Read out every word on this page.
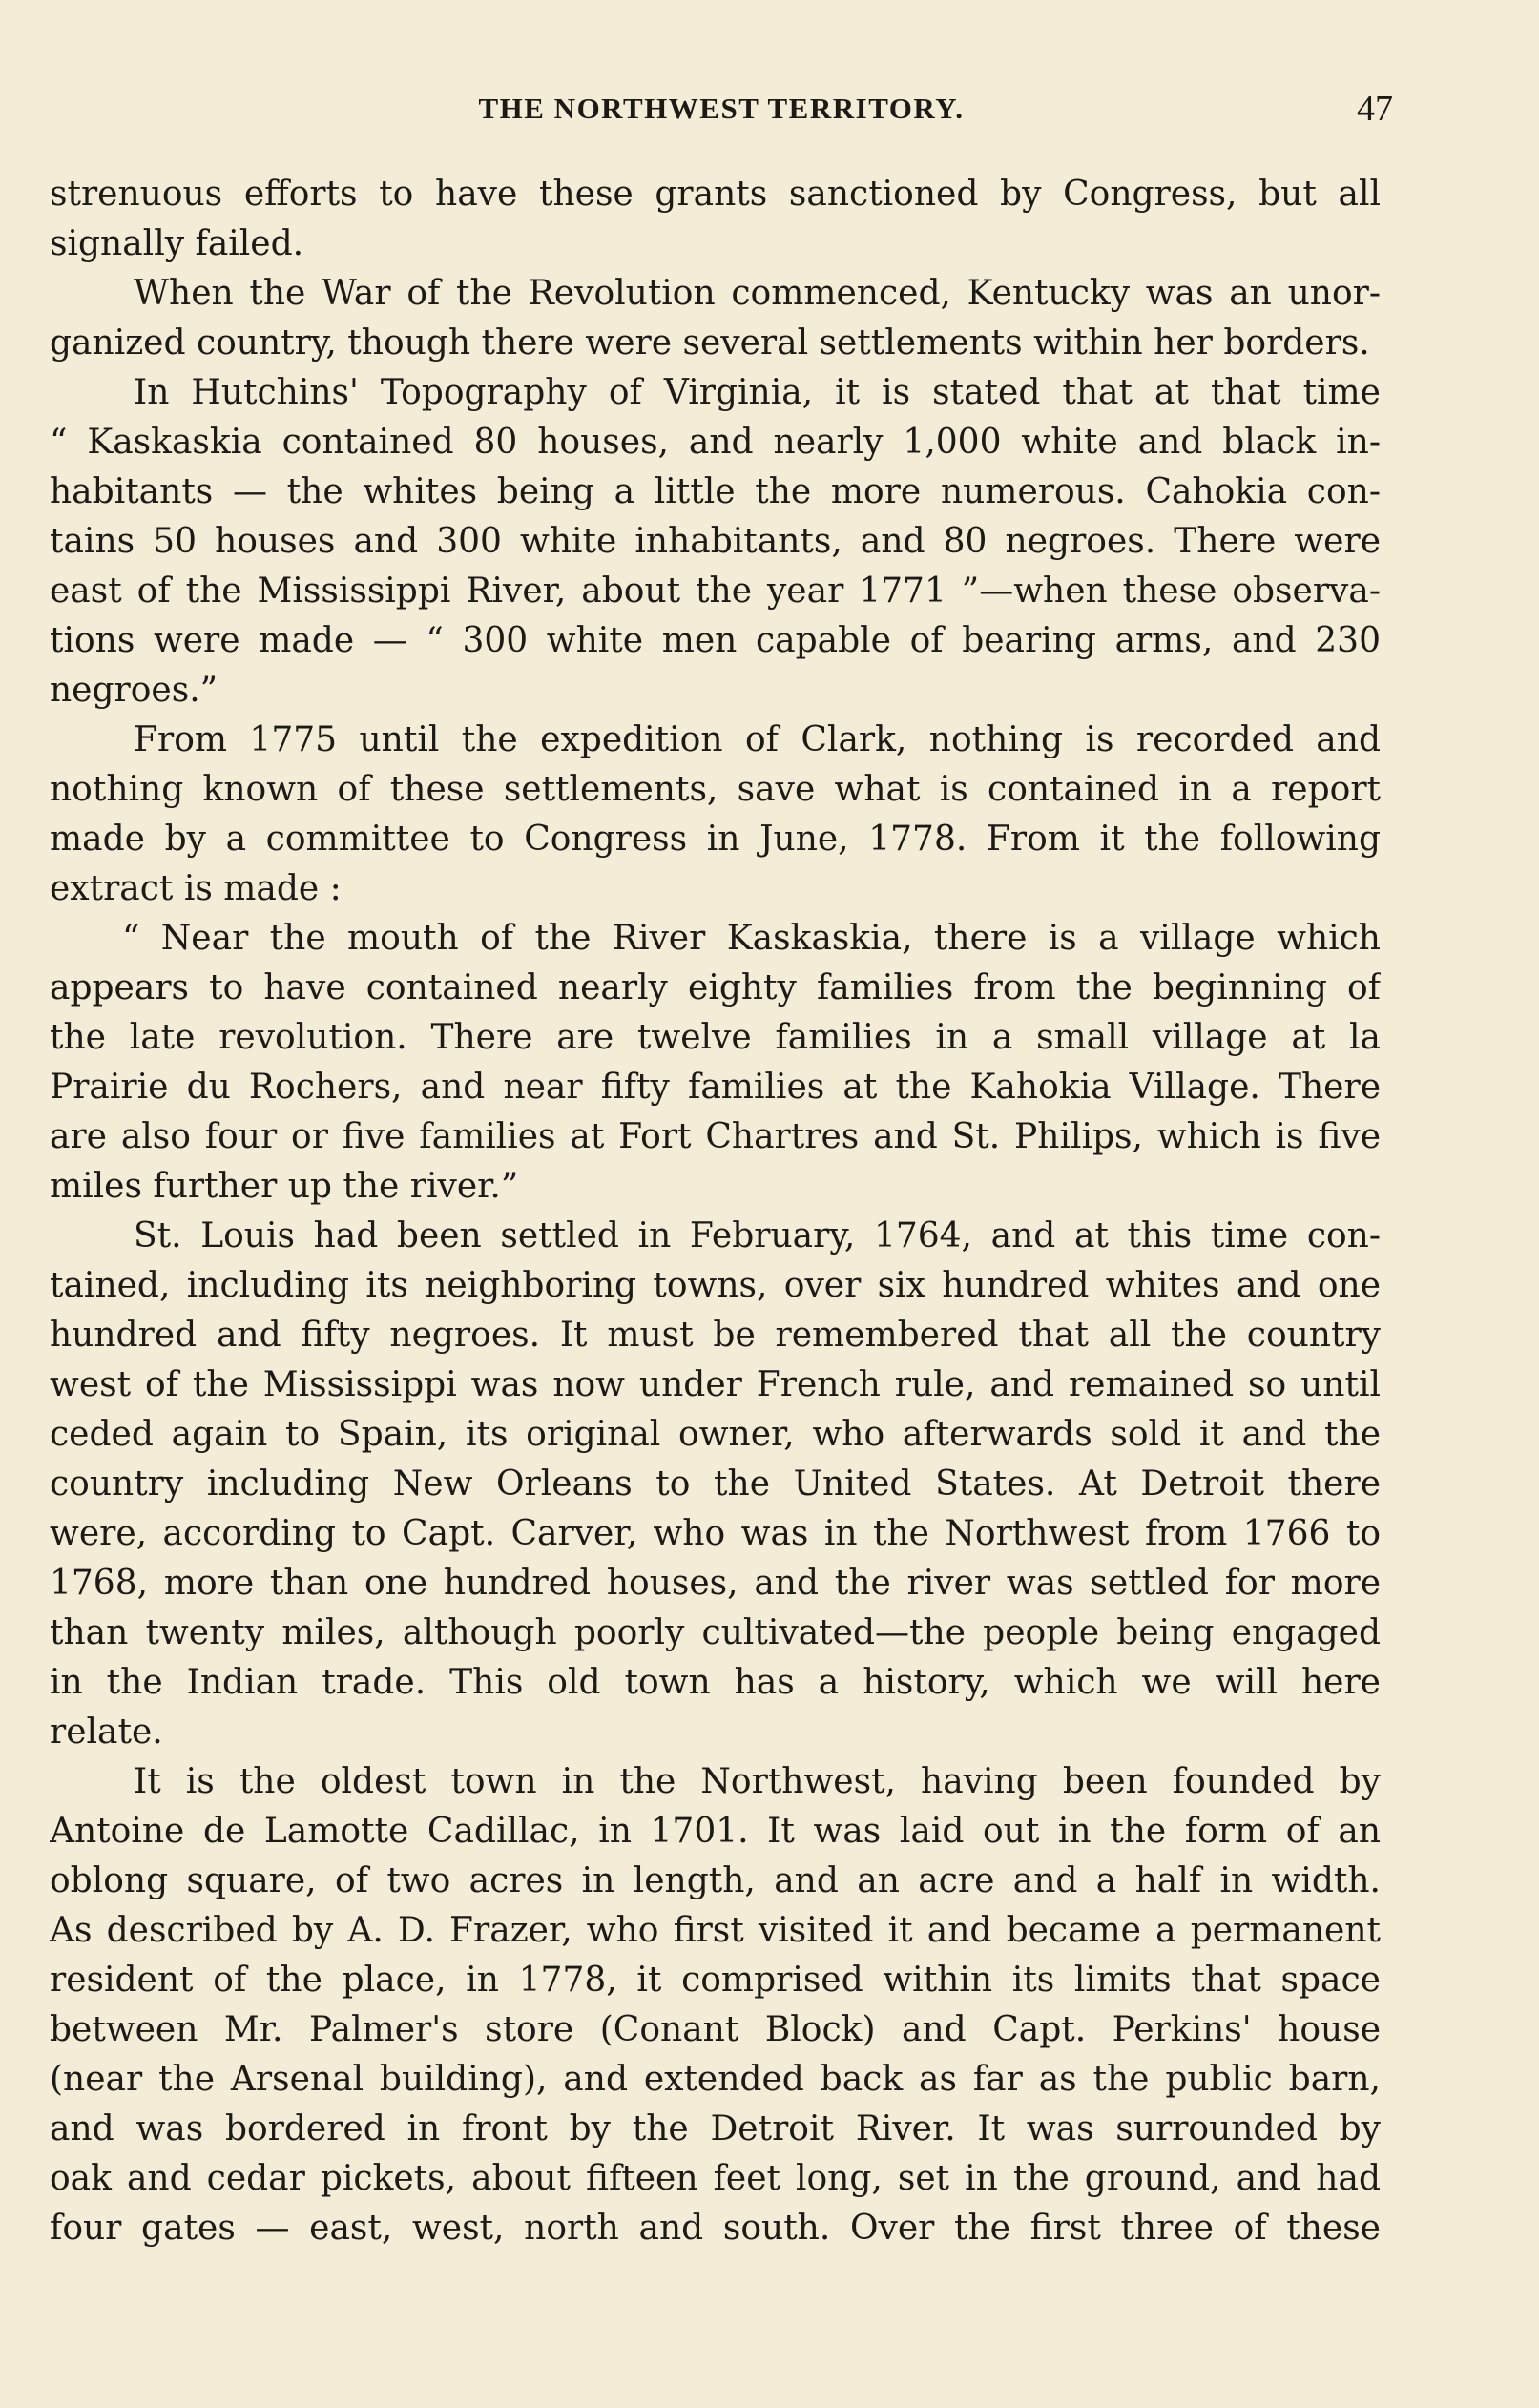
THE NORTHWEST TERRITORY.	47
strenuous efforts to have these grants sanctioned by Congress, but all
signally failed.
When the War of the Revolution commenced, Kentucky was an unor-
ganized country, though there were several settlements within her borders.
In Hutchins' Topography of Virginia, it is stated that at that time
“ Kaskaskia contained 80 houses, and nearly 1,000 white and black in-
habitants — the whites being a little the more numerous. Cahokia con-
tains 50 houses and 300 white inhabitants, and 80 negroes. There were
east of the Mississippi River, about the year 1771 ”—when these observa-
tions were made — “ 300 white men capable of bearing arms, and 230
negroes.”
From 1775 until the expedition of Clark, nothing is recorded and
nothing known of these settlements, save what is contained in a report
made by a committee to Congress in June, 1778. From it the following
extract is made :
“ Near the mouth of the River Kaskaskia, there is a village which
appears to have contained nearly eighty families from the beginning of
the late revolution. There are twelve families in a small village at la
Prairie du Rochers, and near fifty families at the Kahokia Village. There
are also four or five families at Fort Chartres and St. Philips, which is five
miles further up the river.”
St. Louis had been settled in February, 1764, and at this time con-
tained, including its neighboring towns, over six hundred whites and one
hundred and fifty negroes. It must be remembered that all the country
west of the Mississippi was now under French rule, and remained so until
ceded again to Spain, its original owner, who afterwards sold it and the
country including New Orleans to the United States. At Detroit there
were, according to Capt. Carver, who was in the Northwest from 1766 to
1768, more than one hundred houses, and the river was settled for more
than twenty miles, although poorly cultivated—the people being engaged
in the Indian trade. This old town has a history, which we will here
relate.
It is the oldest town in the Northwest, having been founded by
Antoine de Lamotte Cadillac, in 1701. It was laid out in the form of an
oblong square, of two acres in length, and an acre and a half in width.
As described by A. D. Frazer, who first visited it and became a permanent
resident of the place, in 1778, it comprised within its limits that space
between Mr. Palmer's store (Conant Block) and Capt. Perkins' house
(near the Arsenal building), and extended back as far as the public barn,
and was bordered in front by the Detroit River. It was surrounded by
oak and cedar pickets, about fifteen feet long, set in the ground, and had
four gates — east, west, north and south. Over the first three of these
